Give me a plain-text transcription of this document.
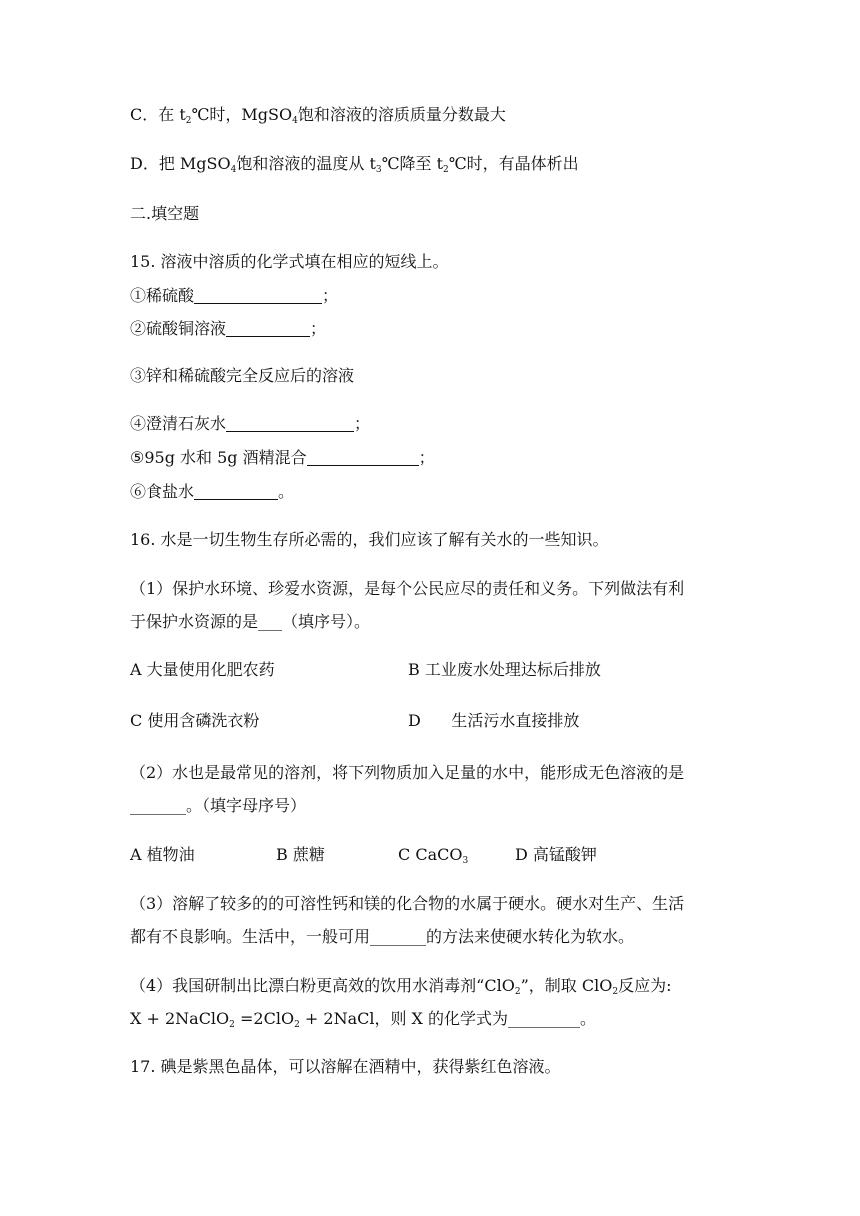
C．在 $t_2℃$时，MgSO$_4$饱和溶液的溶质质量分数最大
D．把 MgSO$_4$饱和溶液的温度从 $t_3℃$降至 $t_2℃$时，有晶体析出
二.填空题
15. 溶液中溶质的化学式填在相应的短线上。
①稀硫酸	；
②硫酸铜溶液	；
③锌和稀硫酸完全反应后的溶液
④澄清石灰水	；
⑤95g 水和 5g 酒精混合	；
⑥食盐水	。
16. 水是一切生物生存所必需的，我们应该了解有关水的一些知识。
（1）保护水环境、珍爱水资源，是每个公民应尽的责任和义务。下列做法有利
于保护水资源的是___（填序号）。
A 大量使用化肥农药	B 工业废水处理达标后排放
C 使用含磷洗衣粉	D      生活污水直接排放
（2）水也是最常见的溶剂，将下列物质加入足量的水中，能形成无色溶液的是
_______。（填字母序号）
A 植物油	B 蔗糖	C CaCO$_3$	D 高锰酸钾
（3）溶解了较多的的可溶性钙和镁的化合物的水属于硬水。硬水对生产、生活
都有不良影响。生活中，一般可用_______的方法来使硬水转化为软水。
（4）我国研制出比漂白粉更高效的饮用水消毒剂“ClO$_2$”，制取 ClO$_2$反应为:
X + 2NaClO$_2$ =2ClO$_2$ + 2NaCl，则 X 的化学式为_________。
17. 碘是紫黑色晶体，可以溶解在酒精中，获得紫红色溶液。
